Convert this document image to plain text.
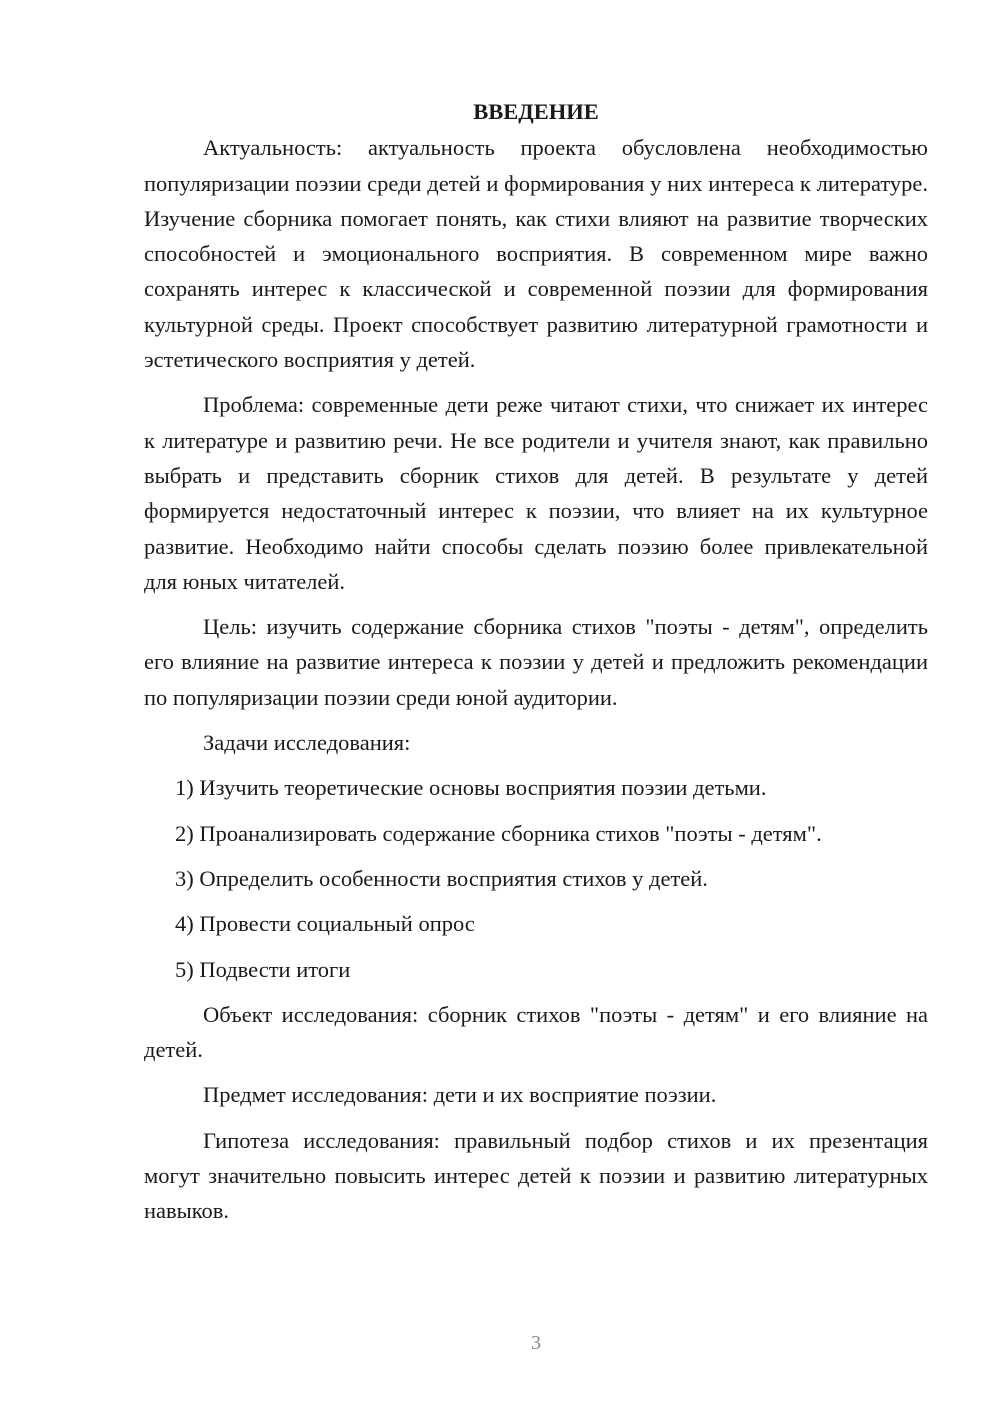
ВВЕДЕНИЕ

Актуальность: актуальность проекта обусловлена необходимостью популяризации поэзии среди детей и формирования у них интереса к литературе. Изучение сборника помогает понять, как стихи влияют на развитие творческих способностей и эмоционального восприятия. В современном мире важно сохранять интерес к классической и современной поэзии для формирования культурной среды. Проект способствует развитию литературной грамотности и эстетического восприятия у детей.

Проблема: современные дети реже читают стихи, что снижает их интерес к литературе и развитию речи. Не все родители и учителя знают, как правильно выбрать и представить сборник стихов для детей. В результате у детей формируется недостаточный интерес к поэзии, что влияет на их культурное развитие. Необходимо найти способы сделать поэзию более привлекательной для юных читателей.

Цель: изучить содержание сборника стихов "поэты - детям", определить его влияние на развитие интереса к поэзии у детей и предложить рекомендации по популяризации поэзии среди юной аудитории.

Задачи исследования:

1) Изучить теоретические основы восприятия поэзии детьми.
2) Проанализировать содержание сборника стихов "поэты - детям".
3) Определить особенности восприятия стихов у детей.
4) Провести социальный опрос
5) Подвести итоги

Объект исследования: сборник стихов "поэты - детям" и его влияние на детей.

Предмет исследования: дети и их восприятие поэзии.

Гипотеза исследования: правильный подбор стихов и их презентация могут значительно повысить интерес детей к поэзии и развитию литературных навыков.

3
